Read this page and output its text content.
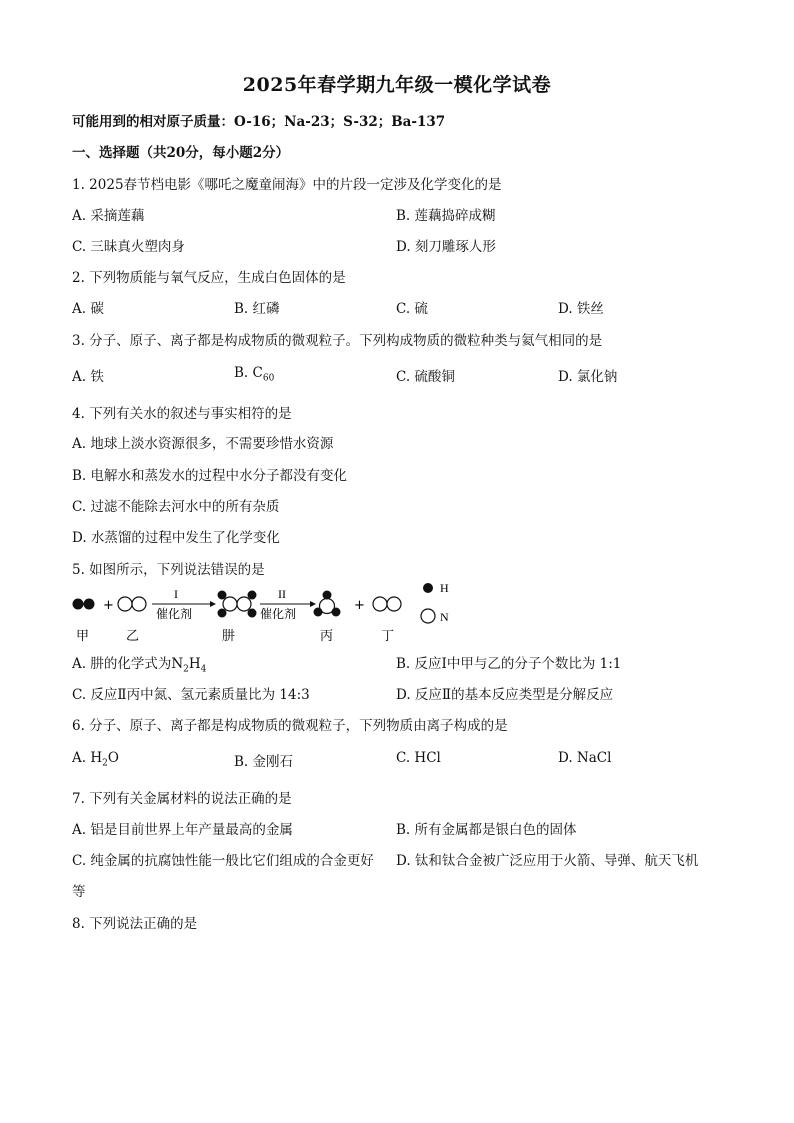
2025年春学期九年级一模化学试卷
可能用到的相对原子质量：O-16；Na-23；S-32；Ba-137
一、选择题（共20分，每小题2分）
1. 2025春节档电影《哪吒之魔童闹海》中的片段一定涉及化学变化的是
A. 采摘莲藕	B. 莲藕捣碎成糊
C. 三昧真火塑肉身	D. 刻刀雕琢人形
2. 下列物质能与氧气反应，生成白色固体的是
A. 碳	B. 红磷	C. 硫	D. 铁丝
3. 分子、原子、离子都是构成物质的微观粒子。下列构成物质的微粒种类与氦气相同的是
A. 铁	B. $C_{60}$	C. 硫酸铜	D. 氯化钠
4. 下列有关水的叙述与事实相符的是
A. 地球上淡水资源很多，不需要珍惜水资源
B. 电解水和蒸发水的过程中水分子都没有变化
C. 过滤不能除去河水中的所有杂质
D. 水蒸馏的过程中发生了化学变化
5. 如图所示，下列说法错误的是
+
I
催化剂
II
催化剂
+
H
N
甲	乙	肼	丙	丁
A. 肼的化学式为$N_2H_4$	B. 反应Ⅰ中甲与乙的分子个数比为 1:1
C. 反应Ⅱ丙中氮、氢元素质量比为 14:3	D. 反应Ⅱ的基本反应类型是分解反应
6. 分子、原子、离子都是构成物质的微观粒子，下列物质由离子构成的是
A. $H_2O$	B. 金刚石	C. HCl	D. NaCl
7. 下列有关金属材料的说法正确的是
A. 铝是目前世界上年产量最高的金属	B. 所有金属都是银白色的固体
C. 纯金属的抗腐蚀性能一般比它们组成的合金更好 D. 钛和钛合金被广泛应用于火箭、导弹、航天飞机
等
8. 下列说法正确的是
